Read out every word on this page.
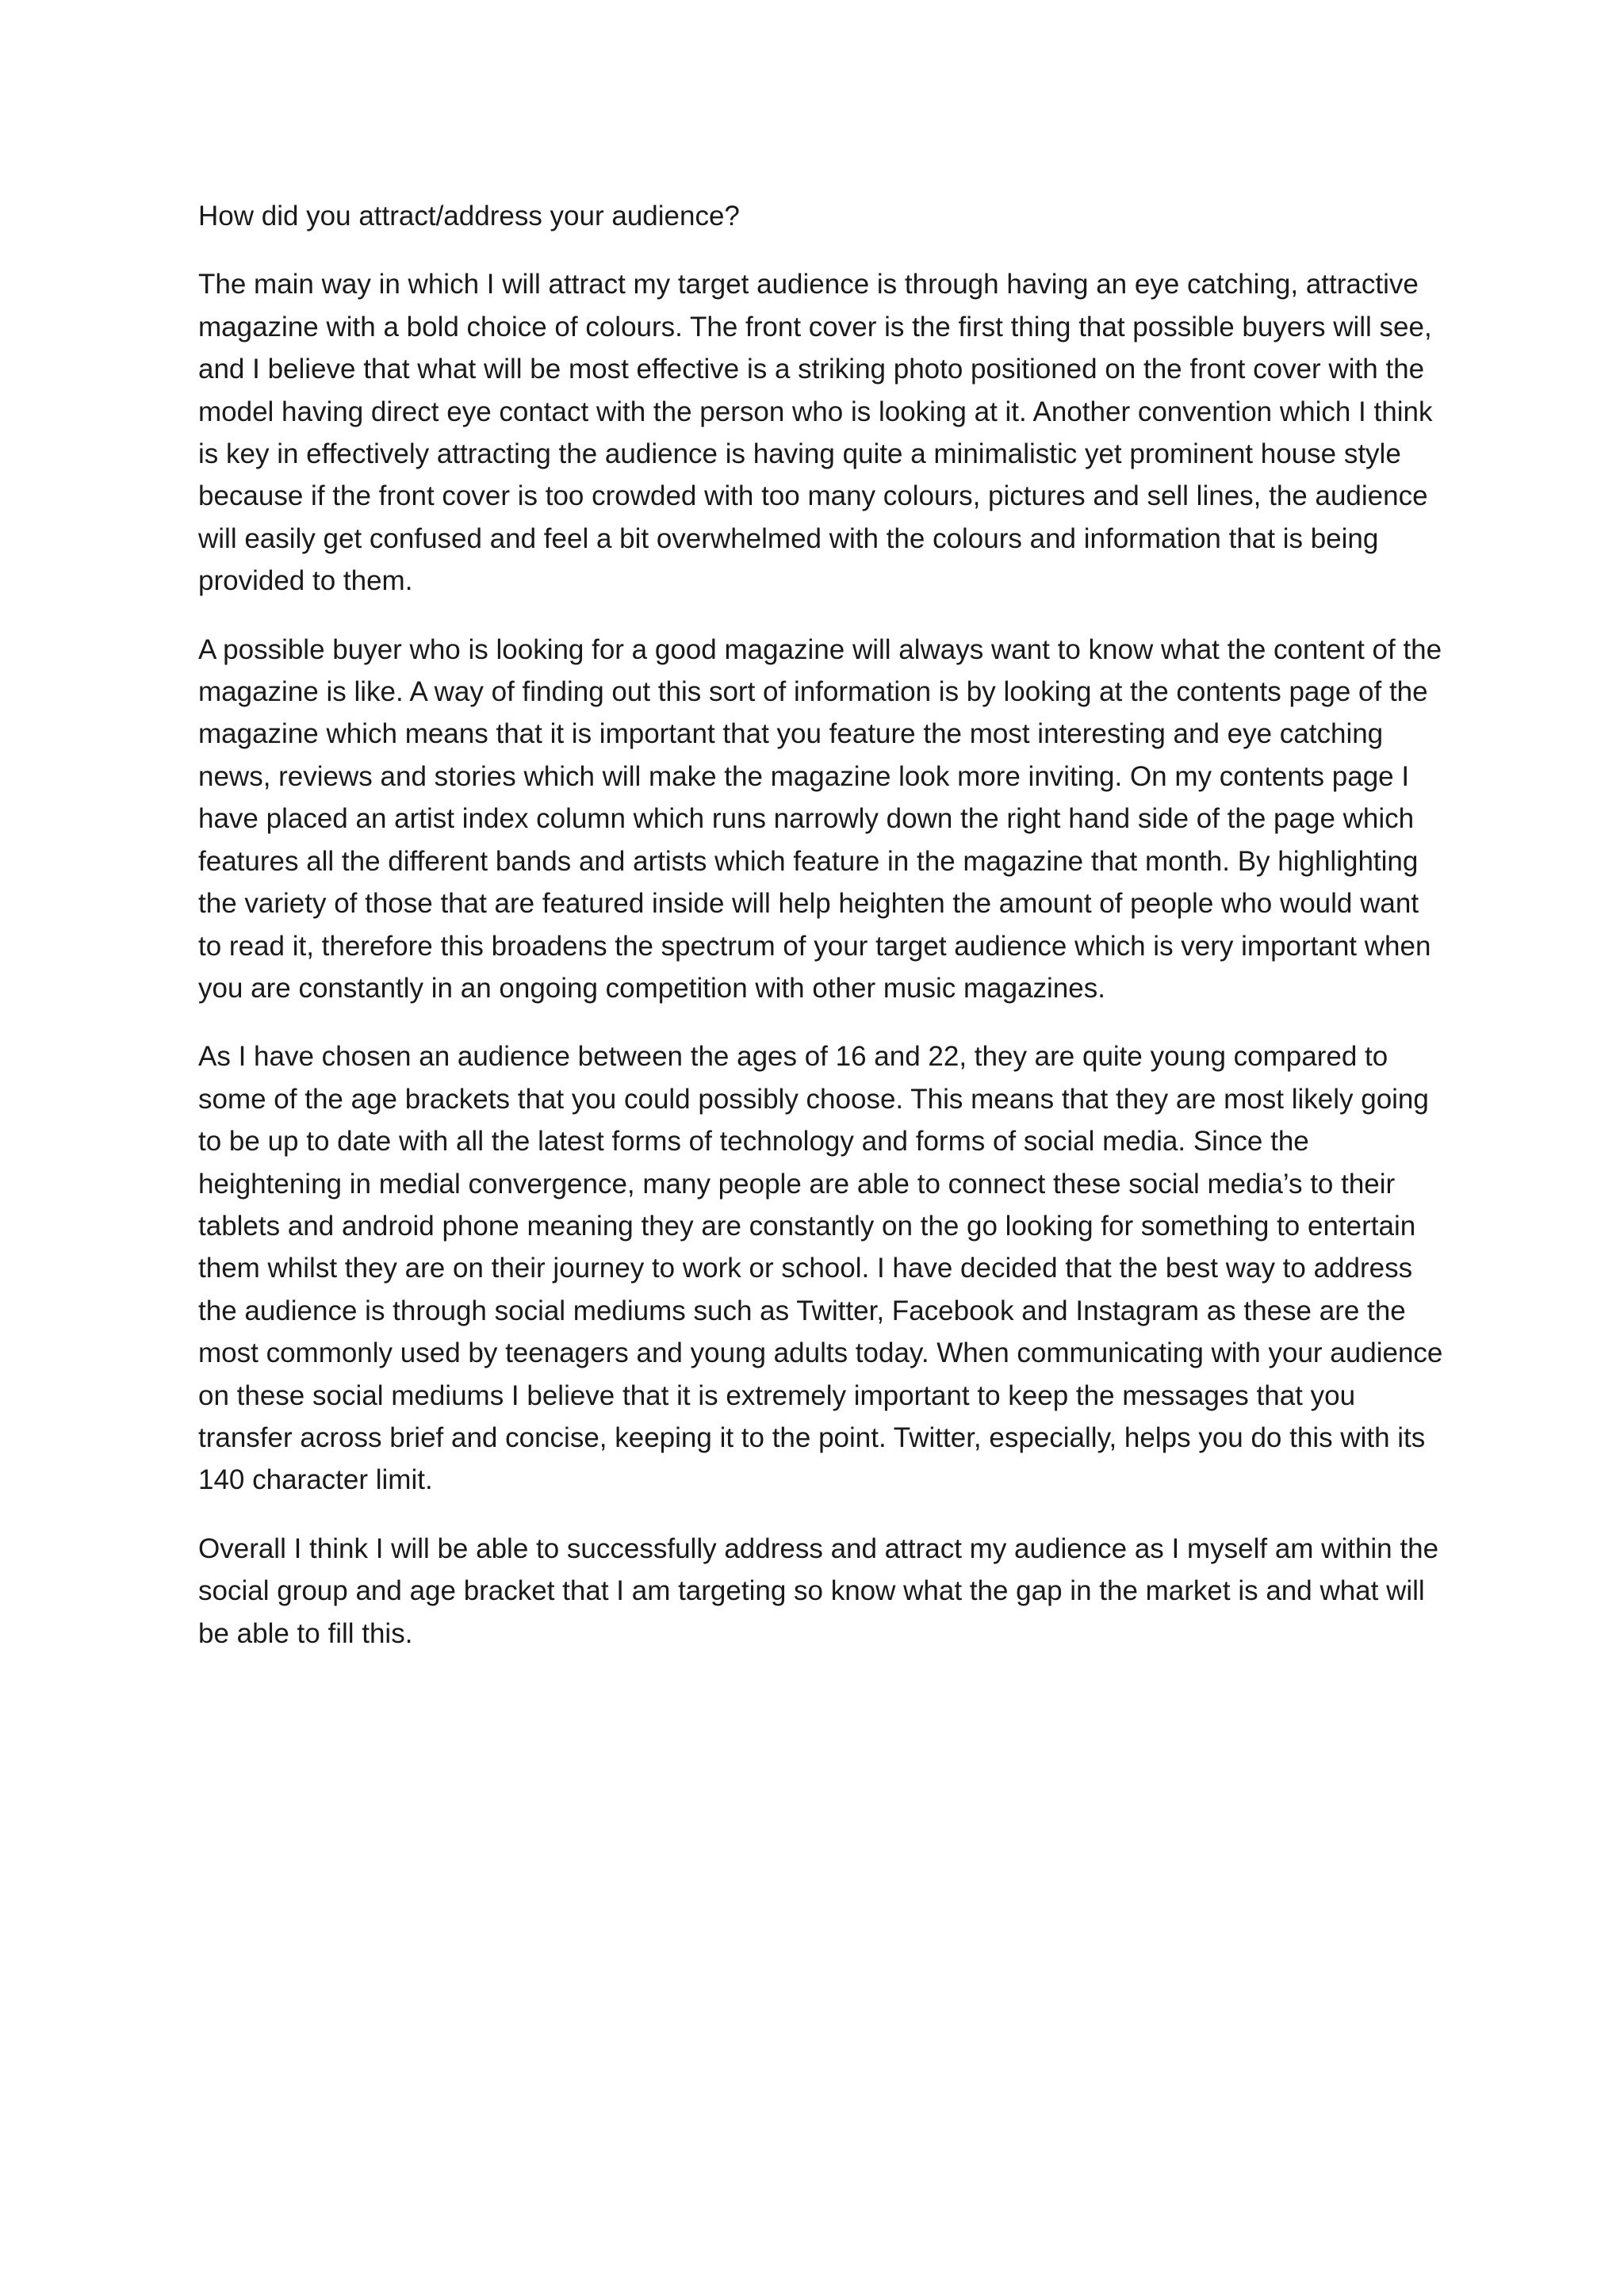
How did you attract/address your audience?

The main way in which I will attract my target audience is through having an eye catching, attractive magazine with a bold choice of colours. The front cover is the first thing that possible buyers will see, and I believe that what will be most effective is a striking photo positioned on the front cover with the model having direct eye contact with the person who is looking at it. Another convention which I think is key in effectively attracting the audience is having quite a minimalistic yet prominent house style because if the front cover is too crowded with too many colours, pictures and sell lines, the audience will easily get confused and feel a bit overwhelmed with the colours and information that is being provided to them.

A possible buyer who is looking for a good magazine will always want to know what the content of the magazine is like. A way of finding out this sort of information is by looking at the contents page of the magazine which means that it is important that you feature the most interesting and eye catching news, reviews and stories which will make the magazine look more inviting. On my contents page I have placed an artist index column which runs narrowly down the right hand side of the page which features all the different bands and artists which feature in the magazine that month. By highlighting the variety of those that are featured inside will help heighten the amount of people who would want to read it, therefore this broadens the spectrum of your target audience which is very important when you are constantly in an ongoing competition with other music magazines.

As I have chosen an audience between the ages of 16 and 22, they are quite young compared to some of the age brackets that you could possibly choose. This means that they are most likely going to be up to date with all the latest forms of technology and forms of social media. Since the heightening in medial convergence, many people are able to connect these social media’s to their tablets and android phone meaning they are constantly on the go looking for something to entertain them whilst they are on their journey to work or school. I have decided that the best way to address the audience is through social mediums such as Twitter, Facebook and Instagram as these are the most commonly used by teenagers and young adults today. When communicating with your audience on these social mediums I believe that it is extremely important to keep the messages that you transfer across brief and concise, keeping it to the point. Twitter, especially, helps you do this with its 140 character limit.

Overall I think I will be able to successfully address and attract my audience as I myself am within the social group and age bracket that I am targeting so know what the gap in the market is and what will be able to fill this.
